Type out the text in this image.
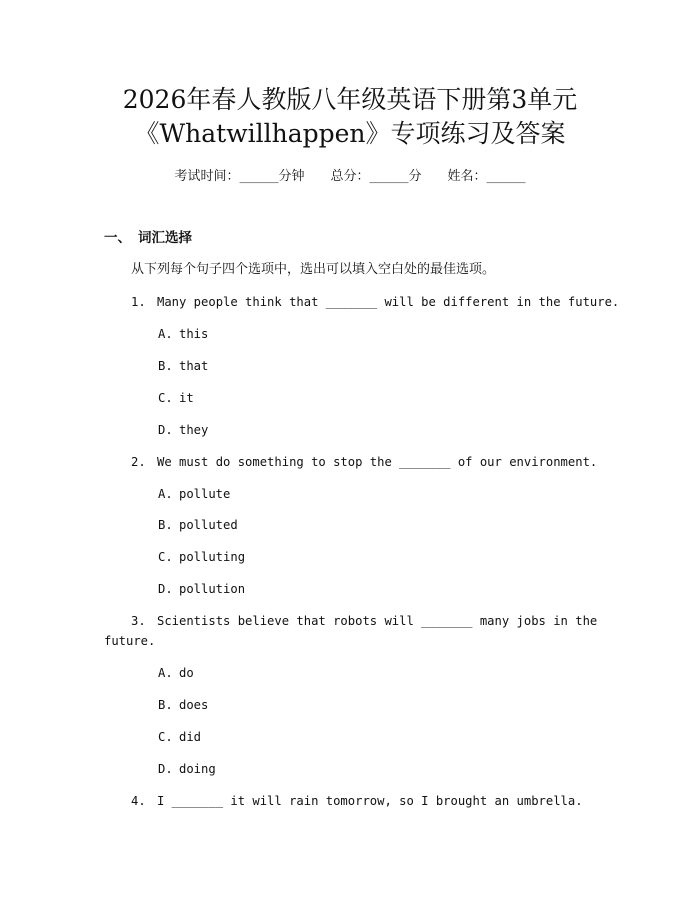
2026年春人教版八年级英语下册第3单元
《Whatwillhappen》专项练习及答案
考试时间：______分钟 总分：______分 姓名：______
一、 词汇选择
从下列每个句子四个选项中，选出可以填入空白处的最佳选项。
1. Many people think that _______ will be different in the future.
A. this
B. that
C. it
D. they
2. We must do something to stop the _______ of our environment.
A. pollute
B. polluted
C. polluting
D. pollution
3. Scientists believe that robots will _______ many jobs in the
future.
A. do
B. does
C. did
D. doing
4. I _______ it will rain tomorrow, so I brought an umbrella.
